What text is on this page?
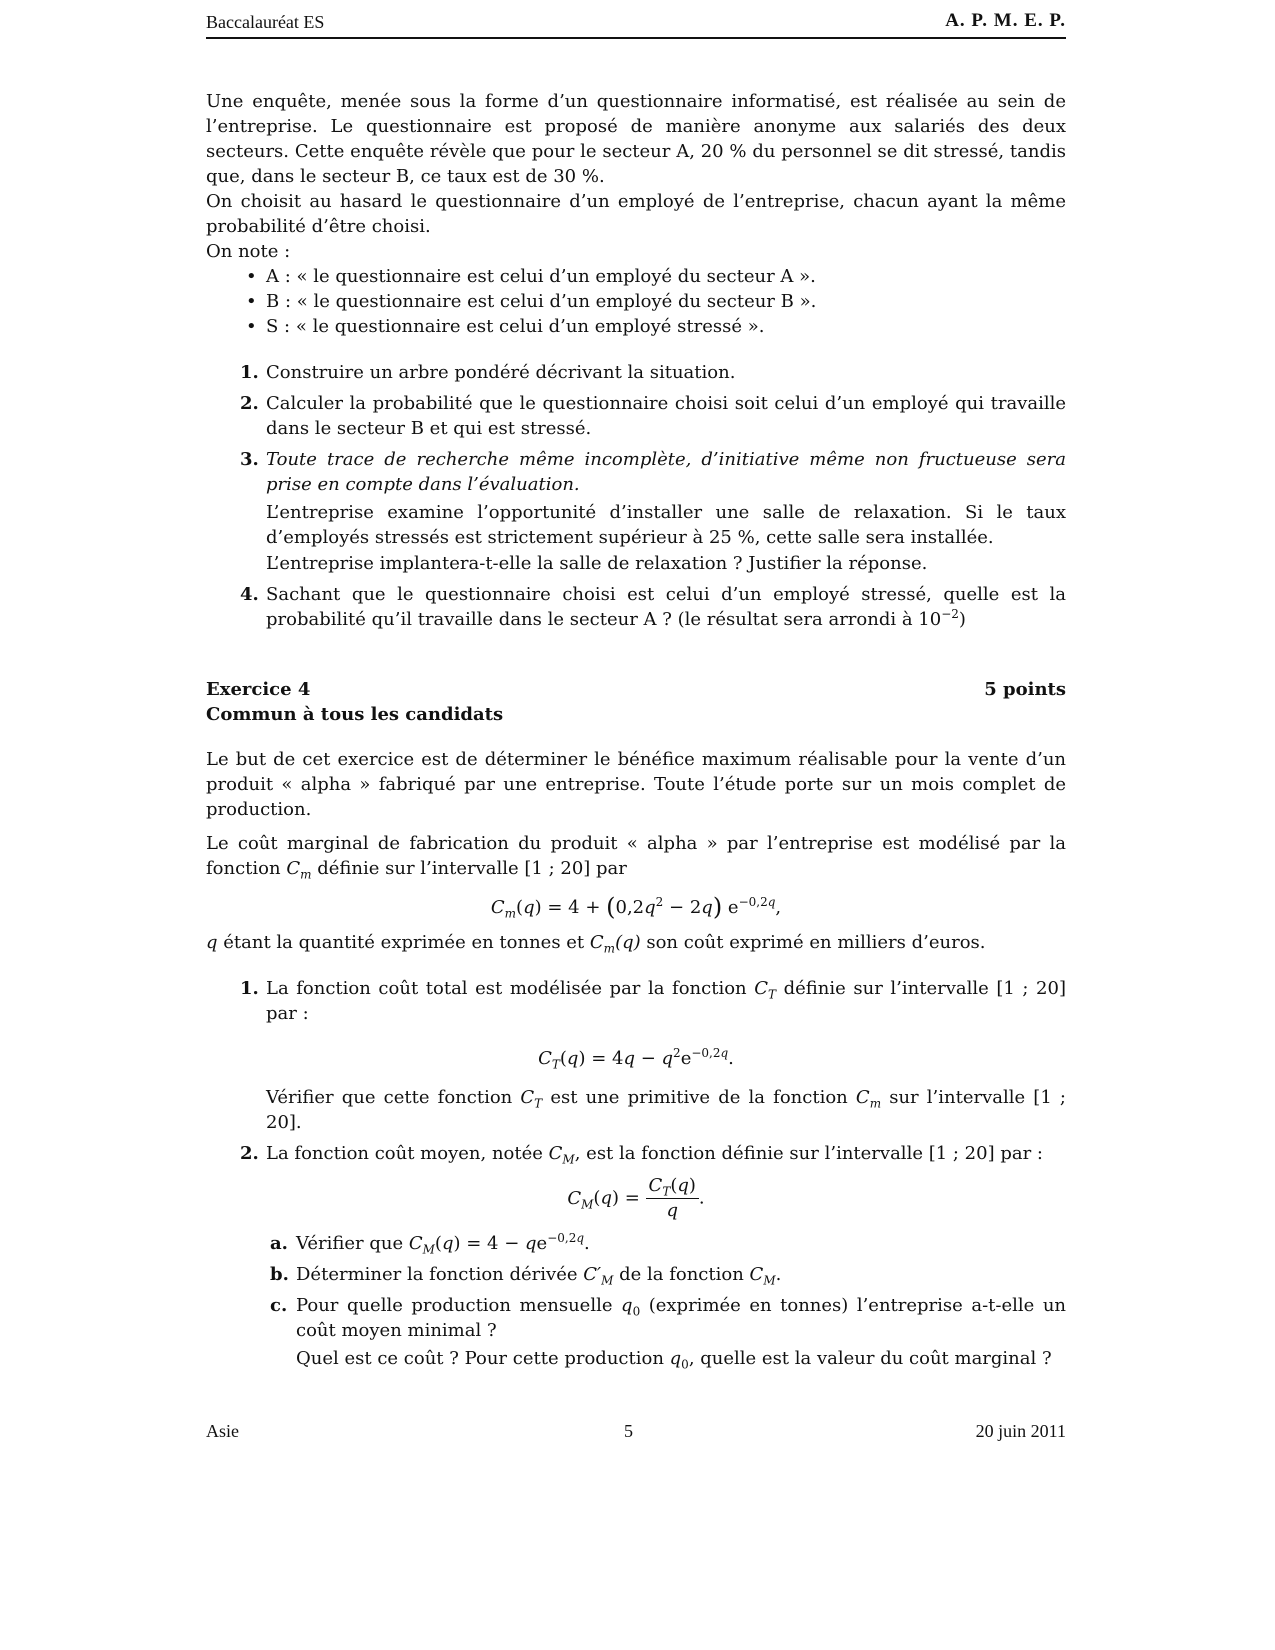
Baccalauréat ES	A. P. M. E. P.

Une enquête, menée sous la forme d’un questionnaire informatisé, est réalisée au sein de l’entreprise. Le questionnaire est proposé de manière anonyme aux salariés des deux secteurs. Cette enquête révèle que pour le secteur A, 20 % du personnel se dit stressé, tandis que, dans le secteur B, ce taux est de 30 %.

On choisit au hasard le questionnaire d’un employé de l’entreprise, chacun ayant la même probabilité d’être choisi.

On note :

• A : « le questionnaire est celui d’un employé du secteur A ».
• B : « le questionnaire est celui d’un employé du secteur B ».
• S : « le questionnaire est celui d’un employé stressé ».
1. Construire un arbre pondéré décrivant la situation.
2. Calculer la probabilité que le questionnaire choisi soit celui d’un employé qui travaille dans le secteur B et qui est stressé.
3. Toute trace de recherche même incomplète, d’initiative même non fructueuse sera prise en compte dans l’évaluation.

L’entreprise examine l’opportunité d’installer une salle de relaxation. Si le taux d’employés stressés est strictement supérieur à 25 %, cette salle sera installée.

L’entreprise implantera-t-elle la salle de relaxation ? Justifier la réponse.

4. Sachant que le questionnaire choisi est celui d’un employé stressé, quelle est la probabilité qu’il travaille dans le secteur A ? (le résultat sera arrondi à $10^{-2}$)
Exercice 4	5 points

Commun à tous les candidats

Le but de cet exercice est de déterminer le bénéfice maximum réalisable pour la vente d’un produit « alpha » fabriqué par une entreprise. Toute l’étude porte sur un mois complet de production.

Le coût marginal de fabrication du produit « alpha » par l’entreprise est modélisé par la fonction $C_m$ définie sur l’intervalle [1 ; 20] par

$C_m(q) = 4 + (0,2q^2 - 2q)$ $e^{-0,2q}$,

q étant la quantité exprimée en tonnes et $C_m(q)$ son coût exprimé en milliers d’euros.

1. La fonction coût total est modélisée par la fonction $C_T$ définie sur l’intervalle [1 ; 20] par :

$C_T(q) = 4q - q^2e^{-0,2q}$.

Vérifier que cette fonction $C_T$ est une primitive de la fonction $C_m$ sur l’intervalle [1 ; 20].

2. La fonction coût moyen, notée $C_M$, est la fonction définie sur l’intervalle [1 ; 20] par :

$C_M(q) = \frac{C_T(q)}{q}$ .

a. Vérifier que $C_M(q) = 4 - qe^{-0,2q}$.
b. Déterminer la fonction dérivée $C'_M$ de la fonction $C_M$.
c. Pour quelle production mensuelle $q_0$ (exprimée en tonnes) l’entreprise a-t-elle un coût moyen minimal ?

Quel est ce coût ? Pour cette production $q_0$, quelle est la valeur du coût marginal ?

Asie	5	20 juin 2011
